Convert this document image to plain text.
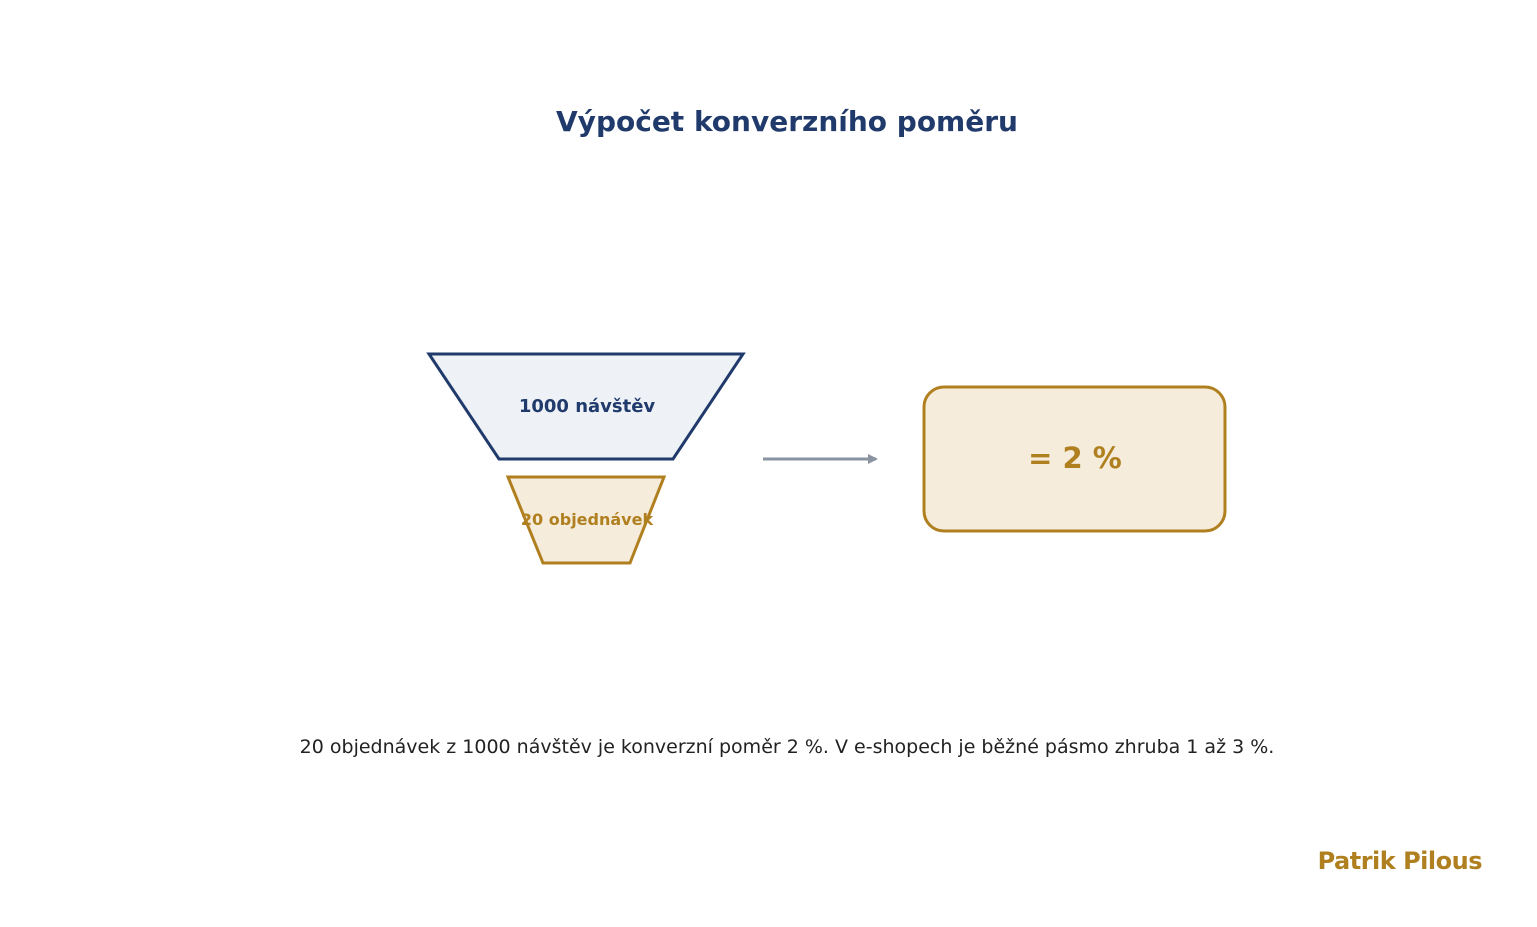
Výpočet konverzního poměru
1000 návštěv
20 objednávek
= 2 %
20 objednávek z 1000 návštěv je konverzní poměr 2 %. V e-shopech je běžné pásmo zhruba 1 až 3 %.
Patrik Pilous
